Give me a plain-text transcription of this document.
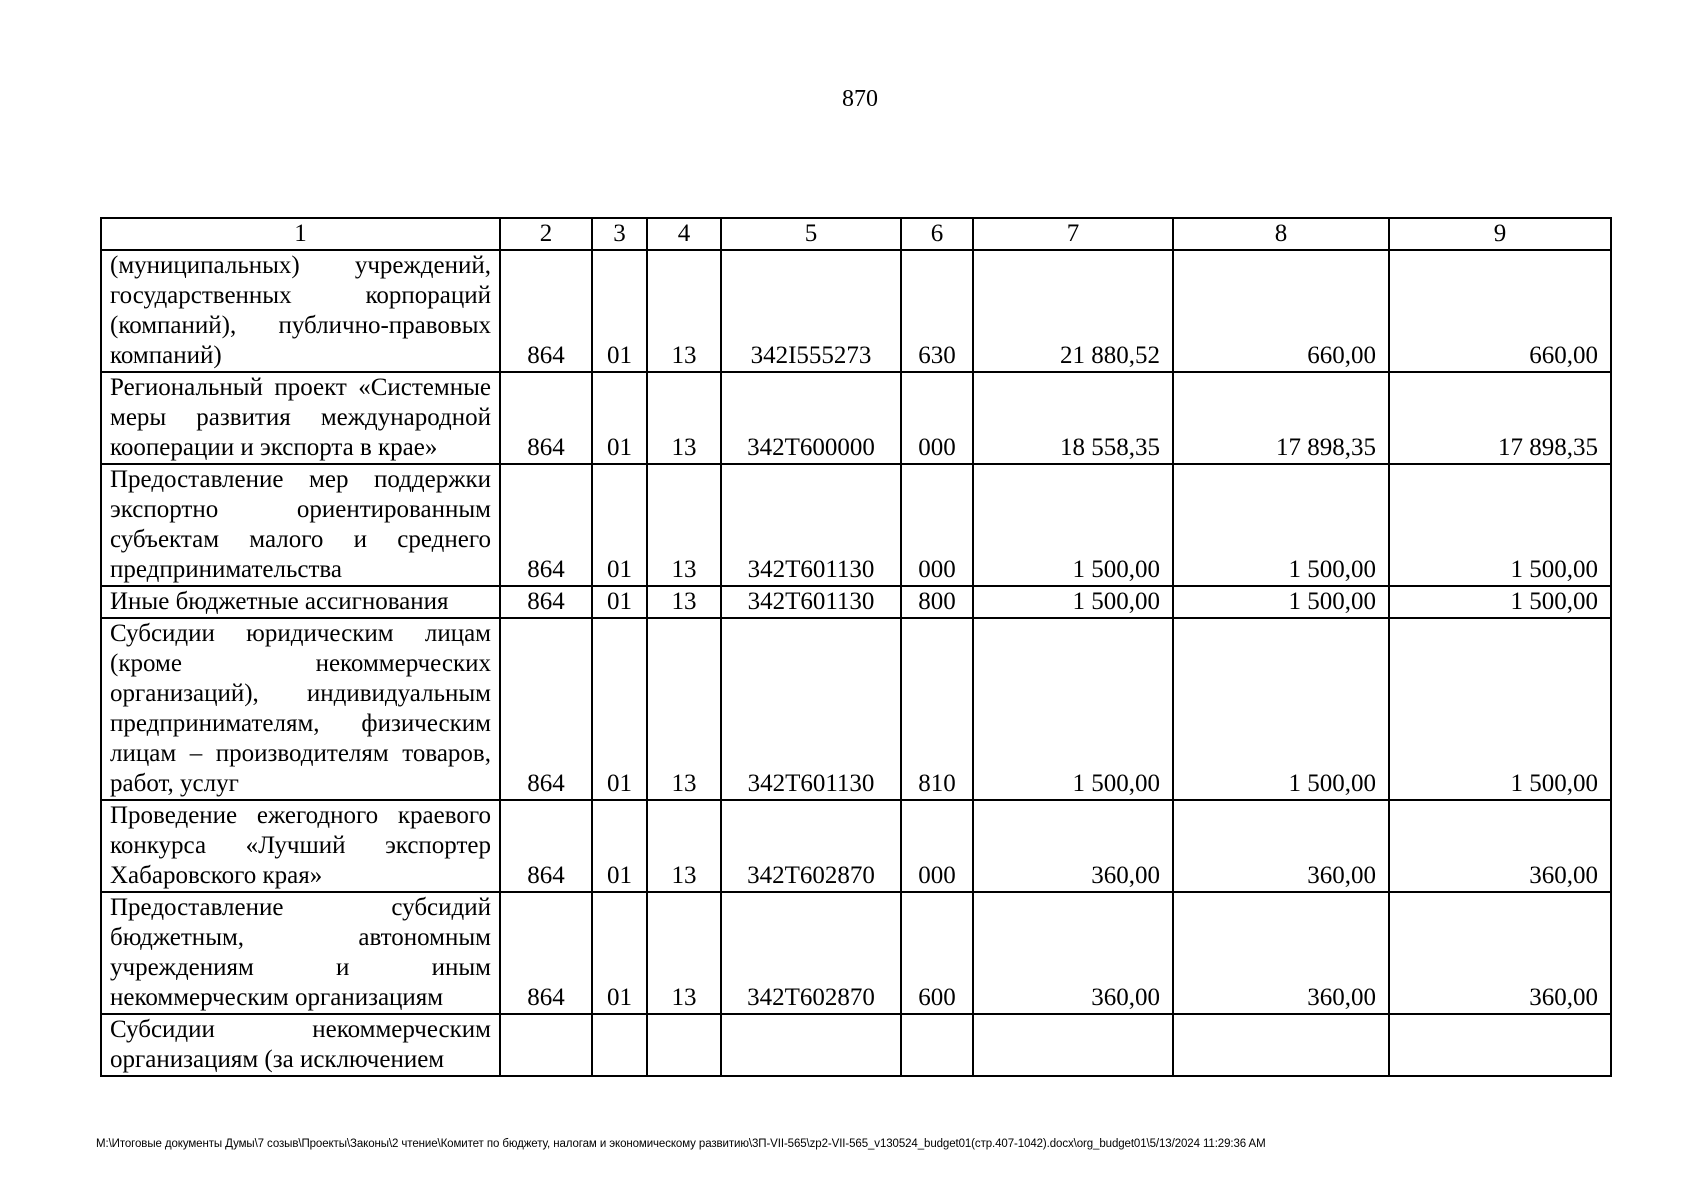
870
1	2	3	4	5	6	7	8	9
(муниципальных) учреждений, государственных корпораций (компаний), публично-правовых компаний)	864	01	13	342I555273	630	21 880,52	660,00	660,00
Региональный проект «Системные меры развития международной кооперации и экспорта в крае»	864	01	13	342Т600000	000	18 558,35	17 898,35	17 898,35
Предоставление мер поддержки экспортно ориентированным субъектам малого и среднего предпринимательства	864	01	13	342Т601130	000	1 500,00	1 500,00	1 500,00
Иные бюджетные ассигнования	864	01	13	342Т601130	800	1 500,00	1 500,00	1 500,00
Субсидии юридическим лицам (кроме некоммерческих организаций), индивидуальным предпринимателям, физическим лицам – производителям товаров, работ, услуг	864	01	13	342Т601130	810	1 500,00	1 500,00	1 500,00
Проведение ежегодного краевого конкурса «Лучший экспортер Хабаровского края»	864	01	13	342Т602870	000	360,00	360,00	360,00
Предоставление субсидий бюджетным, автономным учреждениям и иным некоммерческим организациям	864	01	13	342Т602870	600	360,00	360,00	360,00
Субсидии некоммерческим организациям (за исключением								
M:\Итоговые документы Думы\7 созыв\Проекты\Законы\2 чтение\Комитет по бюджету, налогам и экономическому развитию\3П-VII-565\zp2-VII-565_v130524_budget01(стр.407-1042).docx\org_budget01\5/13/2024 11:29:36 AM
